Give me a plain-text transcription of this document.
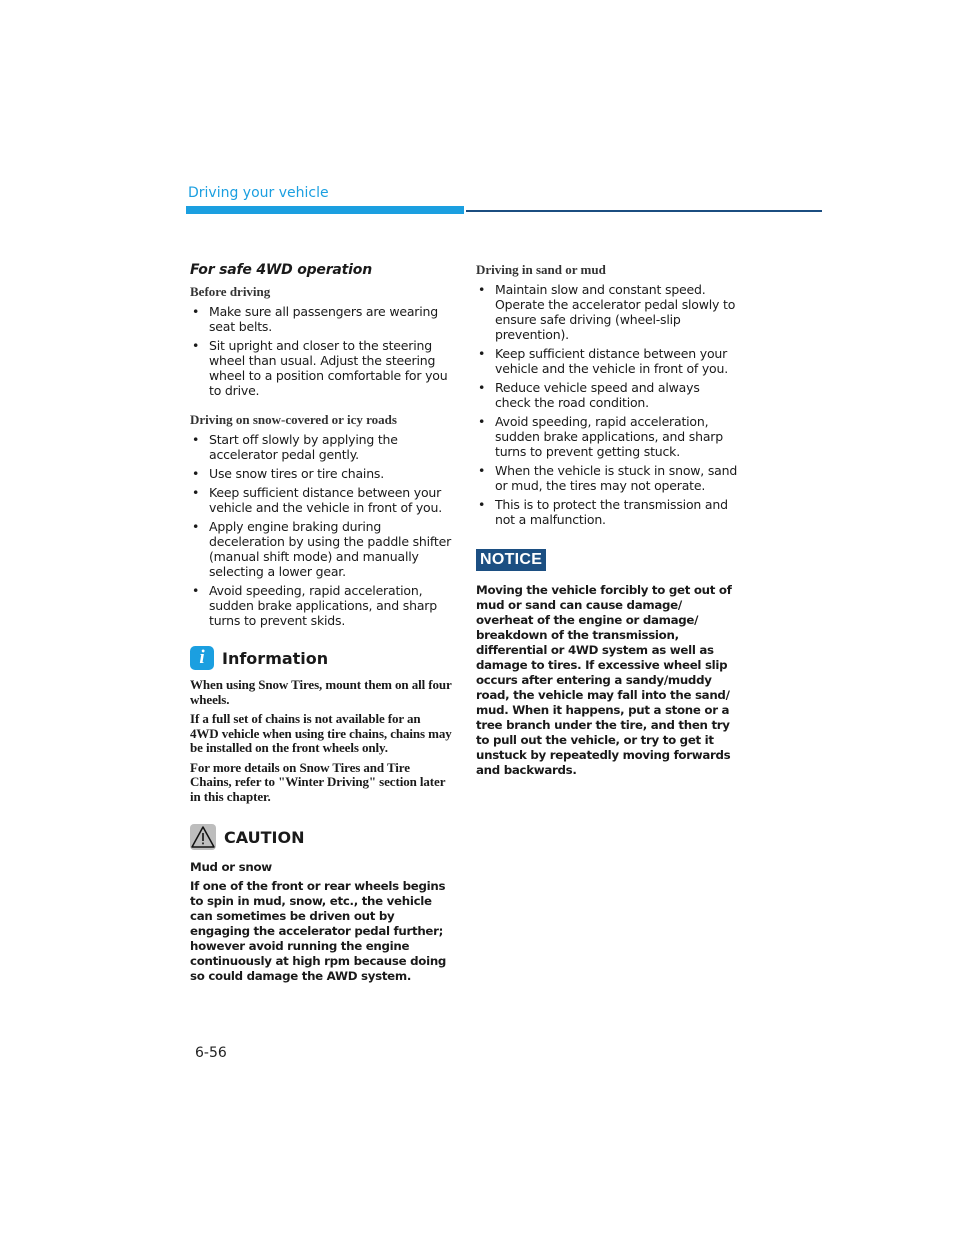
Driving your vehicle
For safe 4WD operation
Before driving
• Make sure all passengers are wearing seat belts.
• Sit upright and closer to the steering wheel than usual. Adjust the steering wheel to a position comfortable for you to drive.
Driving on snow-covered or icy roads
• Start off slowly by applying the accelerator pedal gently.
• Use snow tires or tire chains.
• Keep sufficient distance between your vehicle and the vehicle in front of you.
• Apply engine braking during deceleration by using the paddle shifter (manual shift mode) and manually selecting a lower gear.
• Avoid speeding, rapid acceleration, sudden brake applications, and sharp turns to prevent skids.
i	Information

When using Snow Tires, mount them on all four wheels.

If a full set of chains is not available for an 4WD vehicle when using tire chains, chains may be installed on the front wheels only.

For more details on Snow Tires and Tire Chains, refer to "Winter Driving" section later in this chapter.

CAUTION

Mud or snow

If one of the front or rear wheels begins to spin in mud, snow, etc., the vehicle can sometimes be driven out by engaging the accelerator pedal further; however avoid running the engine continuously at high rpm because doing so could damage the AWD system.

Driving in sand or mud
• Maintain slow and constant speed. Operate the accelerator pedal slowly to ensure safe driving (wheel-slip prevention).
• Keep sufficient distance between your vehicle and the vehicle in front of you.
• Reduce vehicle speed and always check the road condition.
• Avoid speeding, rapid acceleration, sudden brake applications, and sharp turns to prevent getting stuck.
• When the vehicle is stuck in snow, sand or mud, the tires may not operate.
• This is to protect the transmission and not a malfunction.
NOTICE

Moving the vehicle forcibly to get out of mud or sand can cause damage/ overheat of the engine or damage/ breakdown of the transmission, differential or 4WD system as well as damage to tires. If excessive wheel slip occurs after entering a sandy/muddy road, the vehicle may fall into the sand/ mud. When it happens, put a stone or a tree branch under the tire, and then try to pull out the vehicle, or try to get it unstuck by repeatedly moving forwards and backwards.

6-56
